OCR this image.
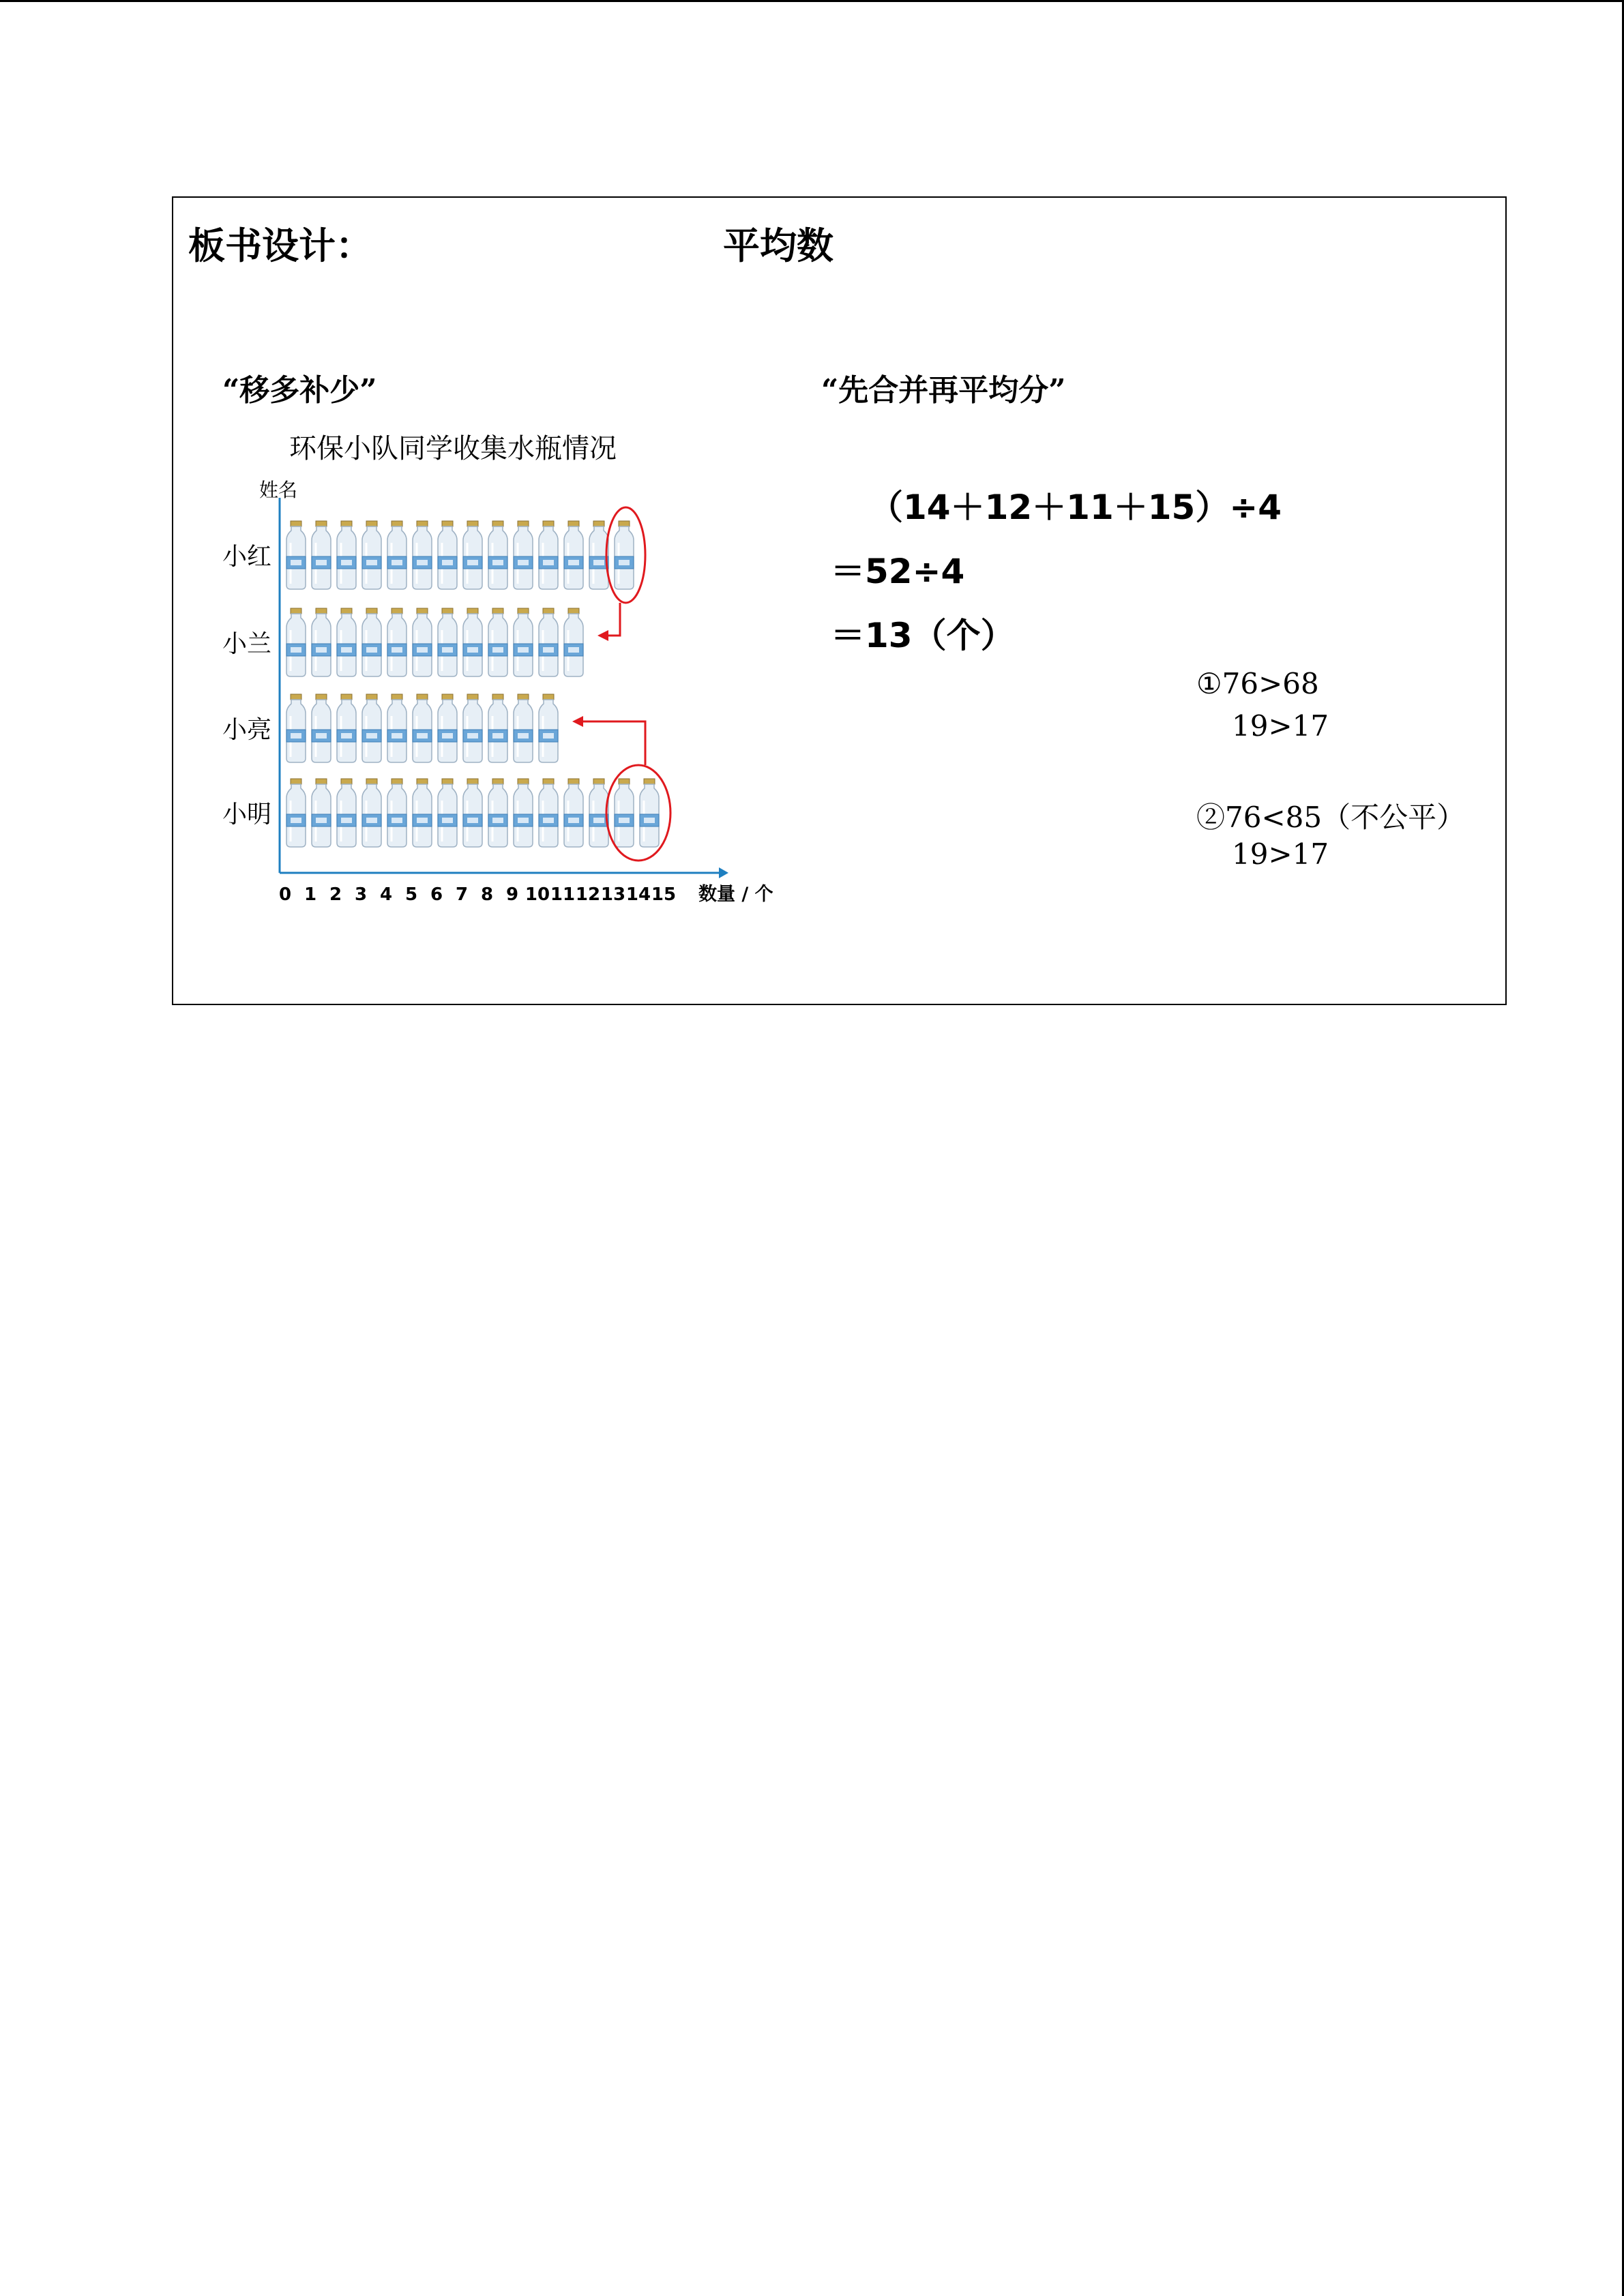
板书设计：	平均数
“移多补少”	“先合并再平均分”
环保小队同学收集水瓶情况
姓名
0 1 2 3 4 5 6 7 8 9 10 11 12 13 14 15 数量 / 个
小红
小兰
小亮
小明
（14＋12＋11＋15）÷4
＝52÷4
＝13（个）
①76>68
19>17
②76<85（不公平）
19>17
